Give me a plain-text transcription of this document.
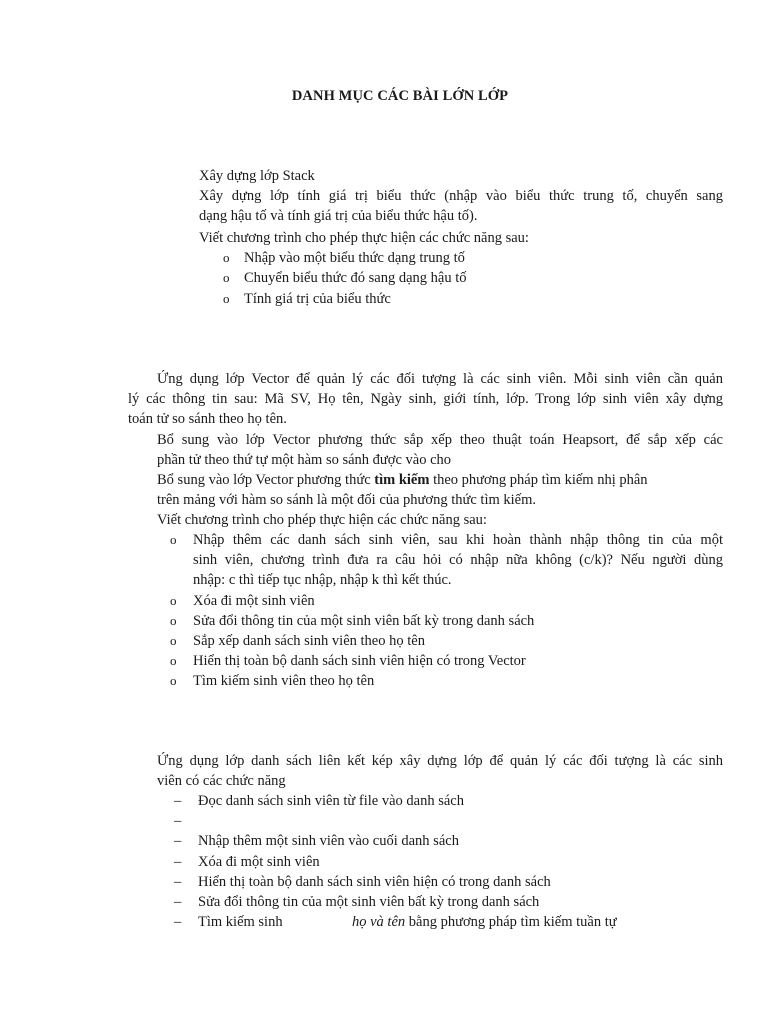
DANH MỤC CÁC BÀI LỚN LỚP
Xây dựng lớp Stack
Xây dựng lớp tính giá trị biểu thức (nhập vào biểu thức trung tố, chuyển sang
dạng hậu tố và tính giá trị của biểu thức hậu tố).
Viết chương trình cho phép thực hiện các chức năng sau:
o Nhập vào một biểu thức dạng trung tố
o Chuyển biểu thức đó sang dạng hậu tố
o Tính giá trị của biểu thức
Ứng dụng lớp Vector để quản lý các đối tượng là các sinh viên. Mỗi sinh viên cần quản
lý các thông tin sau: Mã SV, Họ tên, Ngày sinh, giới tính, lớp. Trong lớp sinh viên xây dựng
toán tử so sánh theo họ tên.
Bổ sung vào lớp Vector phương thức sắp xếp theo thuật toán Heapsort, để sắp xếp các
phần tử theo thứ tự một hàm so sánh được vào cho
Bổ sung vào lớp Vector phương thức tìm kiếm theo phương pháp tìm kiếm nhị phân
trên mảng với hàm so sánh là một đối của phương thức tìm kiếm.
Viết chương trình cho phép thực hiện các chức năng sau:
o Nhập thêm các danh sách sinh viên, sau khi hoàn thành nhập thông tin của một
sinh viên, chương trình đưa ra câu hỏi có nhập nữa không (c/k)? Nếu người dùng
nhập: c thì tiếp tục nhập, nhập k thì kết thúc.
o Xóa đi một sinh viên
o Sửa đổi thông tin của một sinh viên bất kỳ trong danh sách
o Sắp xếp danh sách sinh viên theo họ tên
o Hiển thị toàn bộ danh sách sinh viên hiện có trong Vector
o Tìm kiếm sinh viên theo họ tên
Ứng dụng lớp danh sách liên kết kép xây dựng lớp để quản lý các đối tượng là các sinh
viên có các chức năng
– Đọc danh sách sinh viên từ file vào danh sách
–
– Nhập thêm một sinh viên vào cuối danh sách
– Xóa đi một sinh viên
– Hiển thị toàn bộ danh sách sinh viên hiện có trong danh sách
– Sửa đổi thông tin của một sinh viên bất kỳ trong danh sách
– Tìm kiếm sinh	họ và tên bằng phương pháp tìm kiếm tuần tự
